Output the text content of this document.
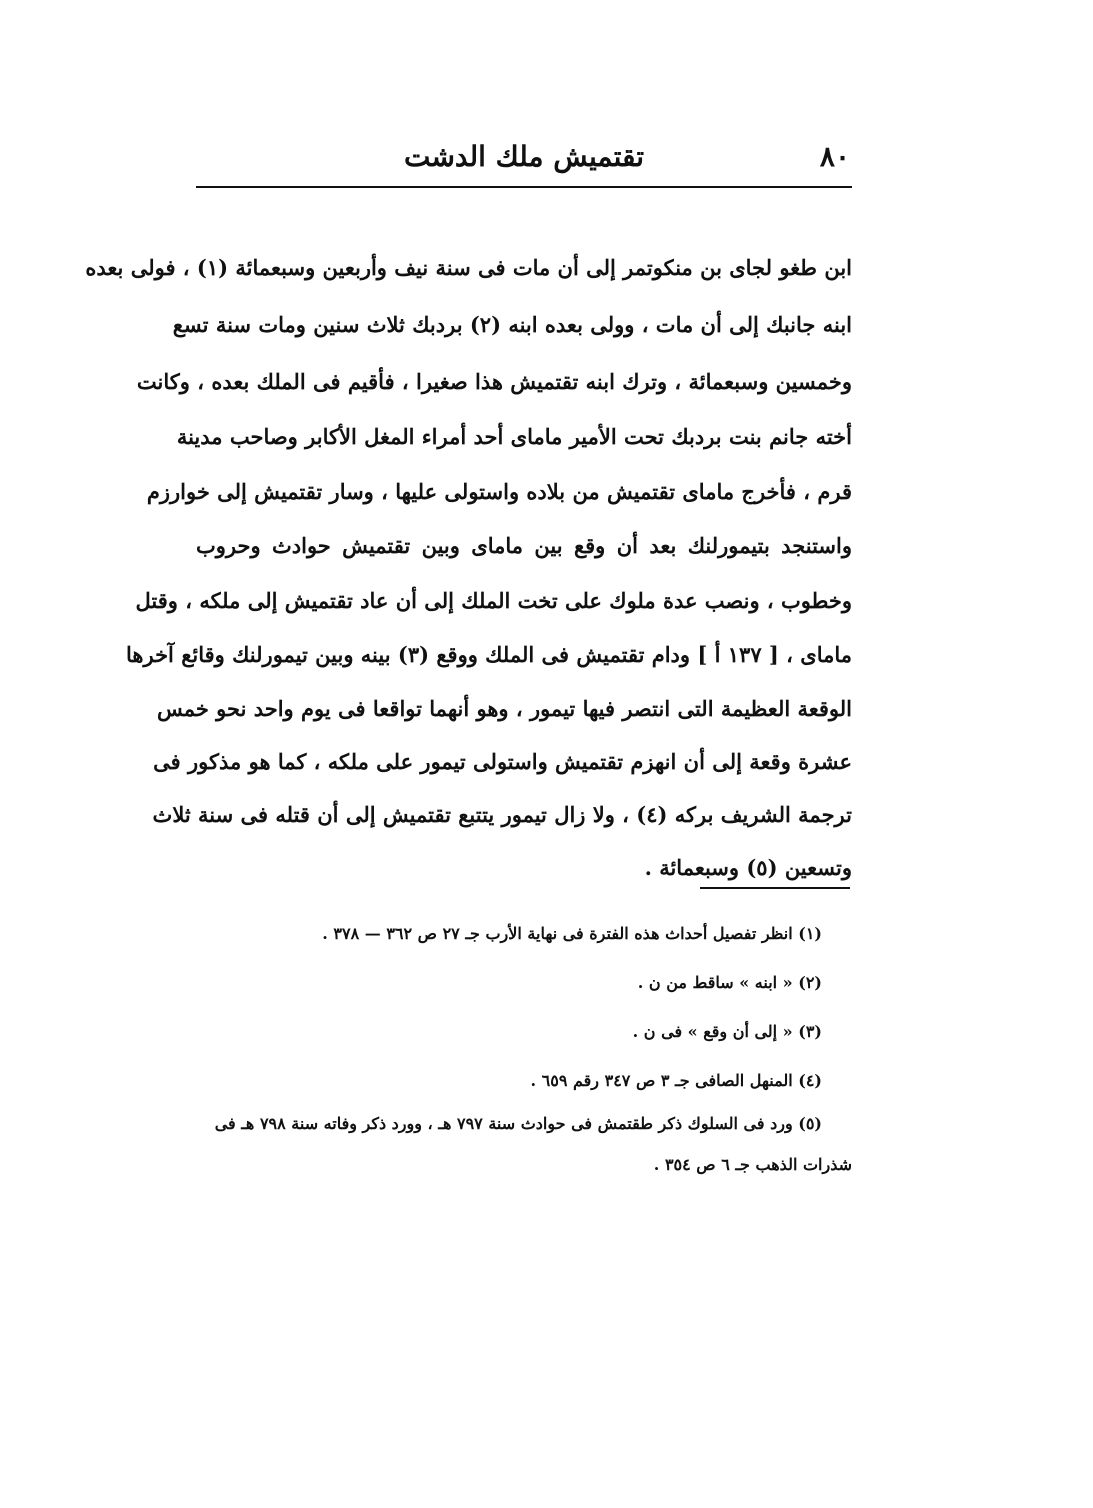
٨٠
تقتميش ملك الدشت
ابن طغو لجاى بن منكوتمر إلى أن مات فى سنة نيف وأربعين وسبعمائة (١) ، فولى بعده
ابنه جانبك إلى أن مات ، وولى بعده ابنه (٢) بردبك ثلاث سنين ومات سنة تسع
وخمسين وسبعمائة ، وترك ابنه تقتميش هذا صغيرا ، فأقيم فى الملك بعده ، وكانت
أخته جانم بنت بردبك تحت الأمير ماماى أحد أمراء المغل الأكابر وصاحب مدينة
قرم ، فأخرج ماماى تقتميش من بلاده واستولى عليها ، وسار تقتميش إلى خوارزم
واستنجد بتيمورلنك بعد أن وقع بين ماماى وبين تقتميش حوادث وحروب
وخطوب ، ونصب عدة ملوك على تخت الملك إلى أن عاد تقتميش إلى ملكه ، وقتل
ماماى ، [ ١٣٧ أ ] ودام تقتميش فى الملك ووقع (٣) بينه وبين تيمورلنك وقائع آخرها
الوقعة العظيمة التى انتصر فيها تيمور ، وهو أنهما تواقعا فى يوم واحد نحو خمس
عشرة وقعة إلى أن انهزم تقتميش واستولى تيمور على ملكه ، كما هو مذكور فى
ترجمة الشريف بركه (٤) ، ولا زال تيمور يتتبع تقتميش إلى أن قتله فى سنة ثلاث
وتسعين (٥) وسبعمائة .
(١) انظر تفصيل أحداث هذه الفترة فى نهاية الأرب جـ ٢٧ ص ٣٦٢ — ٣٧٨ .
(٢) « ابنه » ساقط من ن .
(٣) « إلى أن وقع » فى ن .
(٤) المنهل الصافى جـ ٣ ص ٣٤٧ رقم ٦٥٩ .
(٥) ورد فى السلوك ذكر طقتمش فى حوادث سنة ٧٩٧ هـ ، وورد ذكر وفاته سنة ٧٩٨ هـ فى
شذرات الذهب جـ ٦ ص ٣٥٤ .
